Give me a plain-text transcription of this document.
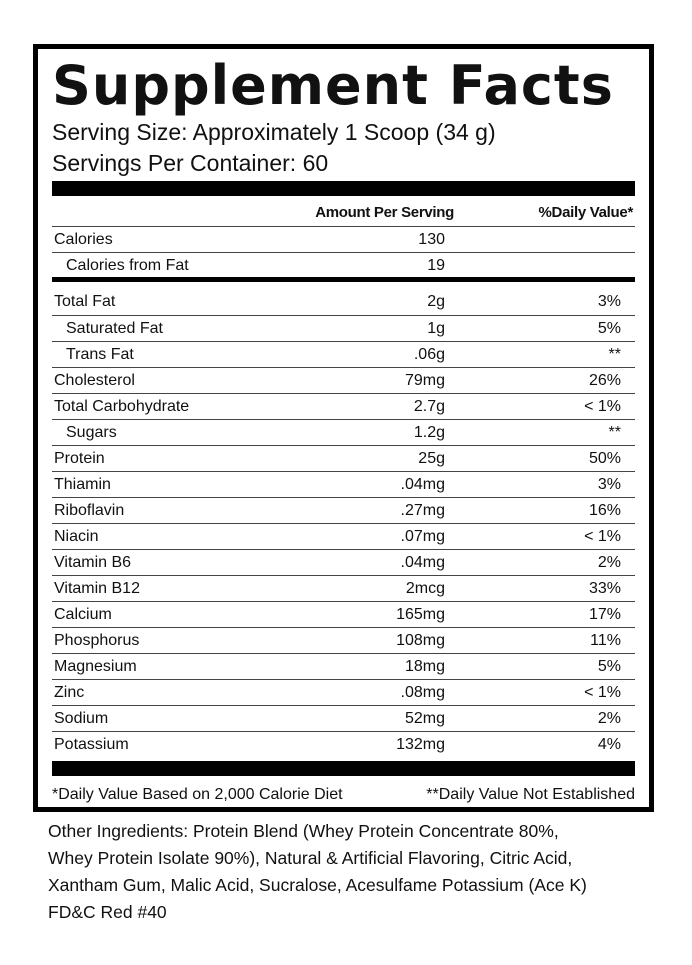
Supplement Facts
Serving Size: Approximately 1 Scoop (34 g)
Servings Per Container: 60
Amount Per Serving	%Daily Value*
Calories	130
Calories from Fat	19
Total Fat	2g	3%
Saturated Fat	1g	5%
Trans Fat	.06g	**
Cholesterol	79mg	26%
Total Carbohydrate	2.7g	< 1%
Sugars	1.2g	**
Protein	25g	50%
Thiamin	.04mg	3%
Riboflavin	.27mg	16%
Niacin	.07mg	< 1%
Vitamin B6	.04mg	2%
Vitamin B12	2mcg	33%
Calcium	165mg	17%
Phosphorus	108mg	11%
Magnesium	18mg	5%
Zinc	.08mg	< 1%
Sodium	52mg	2%
Potassium	132mg	4%
*Daily Value Based on 2,000 Calorie Diet	**Daily Value Not Established

Other Ingredients: Protein Blend (Whey Protein Concentrate 80%,

Whey Protein Isolate 90%), Natural & Artificial Flavoring, Citric Acid,

Xantham Gum, Malic Acid, Sucralose, Acesulfame Potassium (Ace K)

FD&C Red #40
